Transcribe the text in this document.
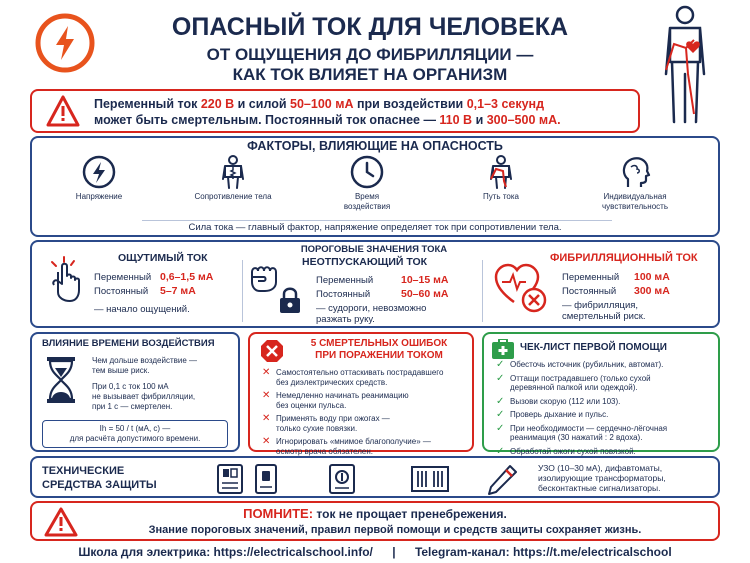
ОПАСНЫЙ ТОК ДЛЯ ЧЕЛОВЕКА
ОТ ОЩУЩЕНИЯ ДО ФИБРИЛЛЯЦИИ —
КАК ТОК ВЛИЯЕТ НА ОРГАНИЗМ
Переменный ток 220 В и силой 50–100 мА при воздействии 0,1–3 секунд
может быть смертельным. Постоянный ток опаснее — 110 В и 300–500 мА.
ФАКТОРЫ, ВЛИЯЮЩИЕ НА ОПАСНОСТЬ
Напряжение	Сопротивление тела	Время воздействия
Путь тока	Индивидуальная чувствительность
Сила тока — главный фактор, напряжение определяет ток при сопротивлении тела.
ПОРОГОВЫЕ ЗНАЧЕНИЯ ТОКА
ОЩУТИМЫЙ ТОК
Переменный 0,6–1,5 мА
Постоянный 5–7 мА
— начало ощущений.
НЕОТПУСКАЮЩИЙ ТОК
Переменный	10–15 мА
Постоянный	50–60 мА
— судороги, невозможно
разжать руку.
ФИБРИЛЛЯЦИОННЫЙ ТОК
Переменный 100 мА
Постоянный 300 мА
— фибрилляция,
смертельный риск.
ВЛИЯНИЕ ВРЕМЕНИ ВОЗДЕЙСТВИЯ
Чем дольше воздействие —
тем выше риск.
При 0,1 с ток 100 мА
не вызывает фибрилляции,
при 1 с — смертелен.
Ih = 50 / t (мА, с) —
для расчёта допустимого времени.
5 СМЕРТЕЛЬНЫХ ОШИБОК
ПРИ ПОРАЖЕНИИ ТОКОМ
✕ Самостоятельно оттаскивать пострадавшего
без диэлектрических средств.
✕ Немедленно начинать реанимацию
без оценки пульса.
✕ Применять воду при ожогах —
только сухие повязки.
✕ Игнорировать «мнимое благополучие» —
осмотр врача обязателен.
ЧЕК-ЛИСТ ПЕРВОЙ ПОМОЩИ
✓ Обесточь источник (рубильник, автомат).
✓ Оттащи пострадавшего (только сухой
деревянной палкой или одеждой).
✓ Вызови скорую (112 или 103).
✓ Проверь дыхание и пульс.
✓ При необходимости — сердечно-лёгочная
реанимация (30 нажатий : 2 вдоха).
✓ Обработай ожоги сухой повязкой.

ТЕХНИЧЕСКИЕ
СРЕДСТВА ЗАЩИТЫ
УЗО (10–30 мА), дифавтоматы,
изолирующие трансформаторы,
бесконтактные сигнализаторы.
ПОМНИТЕ: ток не прощает пренебрежения.
Знание пороговых значений, правил первой помощи и средств защиты сохраняет жизнь.
Школа для электрика: https://electricalschool.info/ | Telegram-канал: https://t.me/electricalschool
